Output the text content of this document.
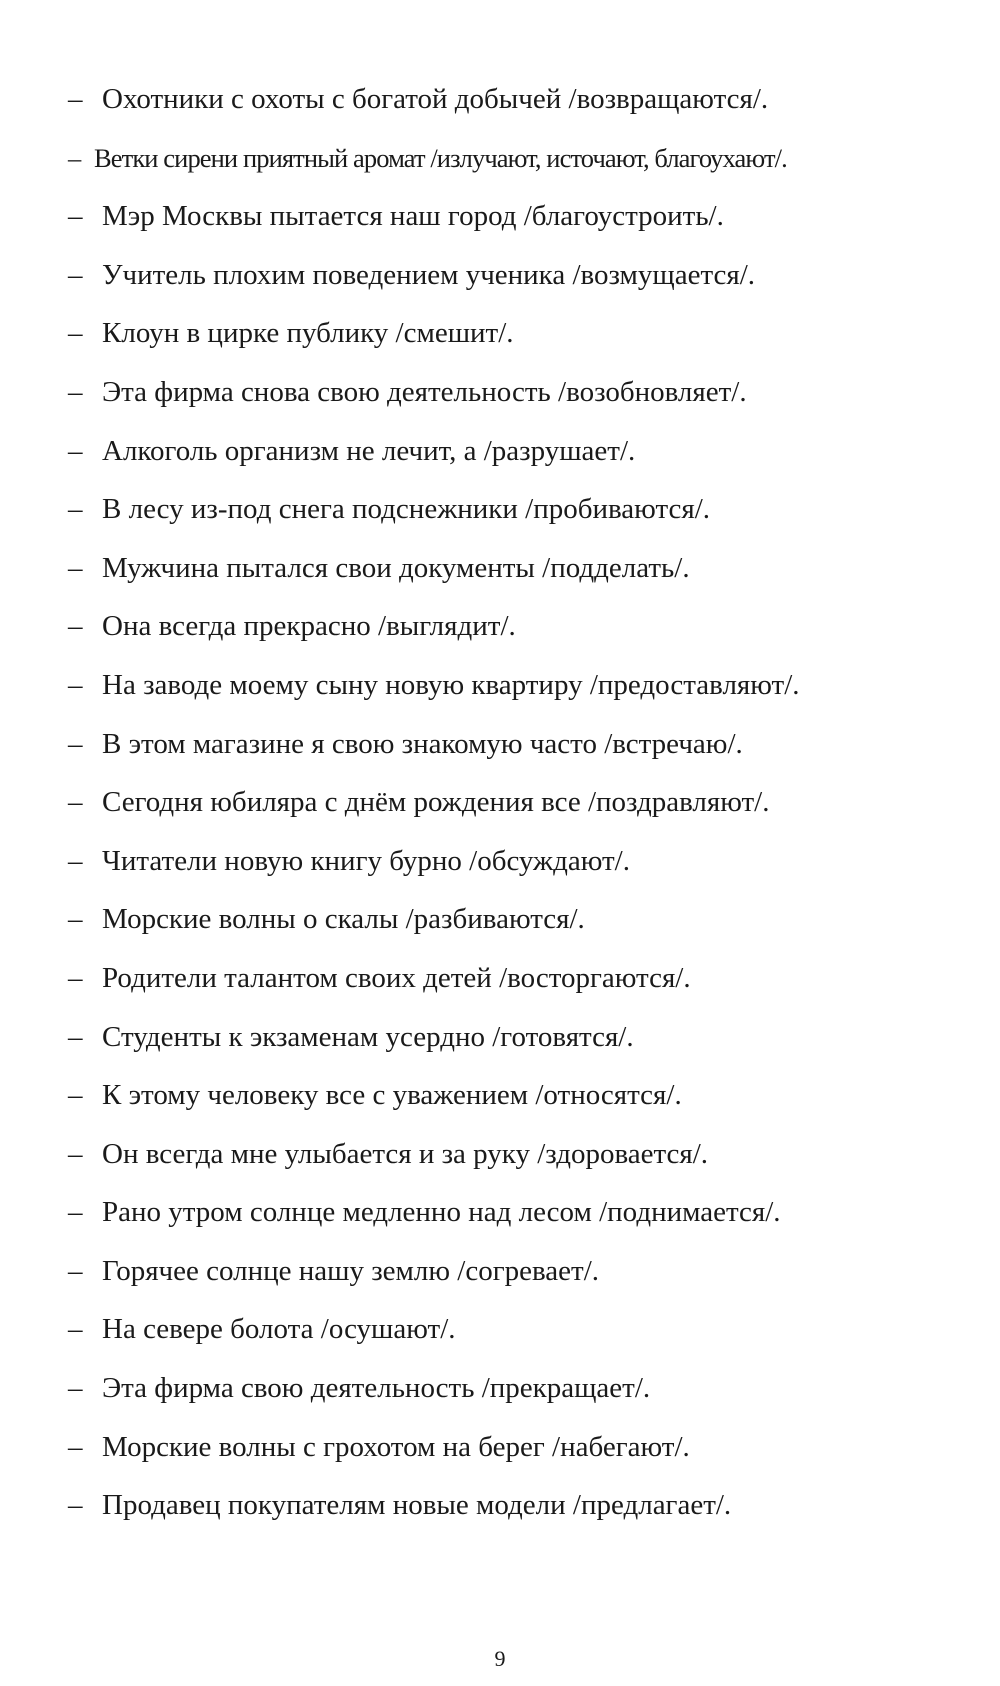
– Охотники с охоты с богатой добычей /возвращаются/.
– Ветки сирени приятный аромат /излучают, источают, благоухают/.
– Мэр Москвы пытается наш город /благоустроить/.
– Учитель плохим поведением ученика /возмущается/.
– Клоун в цирке публику /смешит/.
– Эта фирма снова свою деятельность /возобновляет/.
– Алкоголь организм не лечит, а /разрушает/.
– В лесу из-под снега подснежники /пробиваются/.
– Мужчина пытался свои документы /подделать/.
– Она всегда прекрасно /выглядит/.
– На заводе моему сыну новую квартиру /предоставляют/.
– В этом магазине я свою знакомую часто /встречаю/.
– Сегодня юбиляра с днём рождения все /поздравляют/.
– Читатели новую книгу бурно /обсуждают/.
– Морские волны о скалы /разбиваются/.
– Родители талантом своих детей /восторгаются/.
– Студенты к экзаменам усердно /готовятся/.
– К этому человеку все с уважением /относятся/.
– Он всегда мне улыбается и за руку /здоровается/.
– Рано утром солнце медленно над лесом /поднимается/.
– Горячее солнце нашу землю /согревает/.
– На севере болота /осушают/.
– Эта фирма свою деятельность /прекращает/.
– Морские волны с грохотом на берег /набегают/.
– Продавец покупателям новые модели /предлагает/.
9
